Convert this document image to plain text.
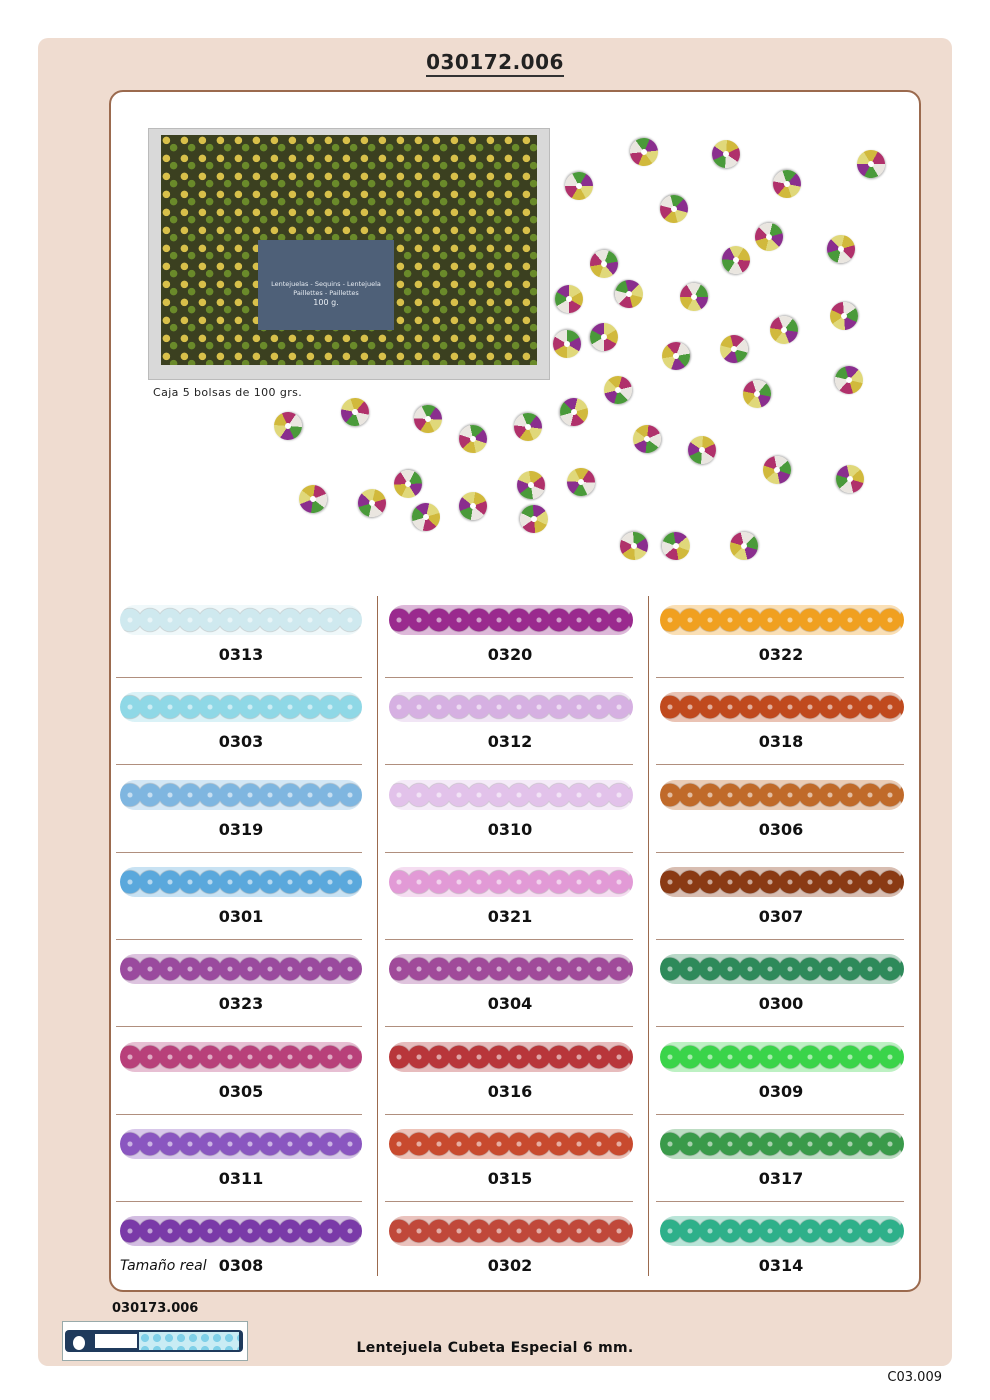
030172.006
Lentejuelas - Sequins - Lentejuela
Paillettes - Paillettes
100 g.
Caja 5 bolsas de 100 grs.
0313
0303
0319
0301
0323
0305
0311
0308
0320
0312
0310
0321
0304
0316
0315
0302
0322
0318
0306
0307
0300
0309
0317
0314
Tamaño real
030173.006
Lentejuela Cubeta Especial 6 mm.
C03.009
